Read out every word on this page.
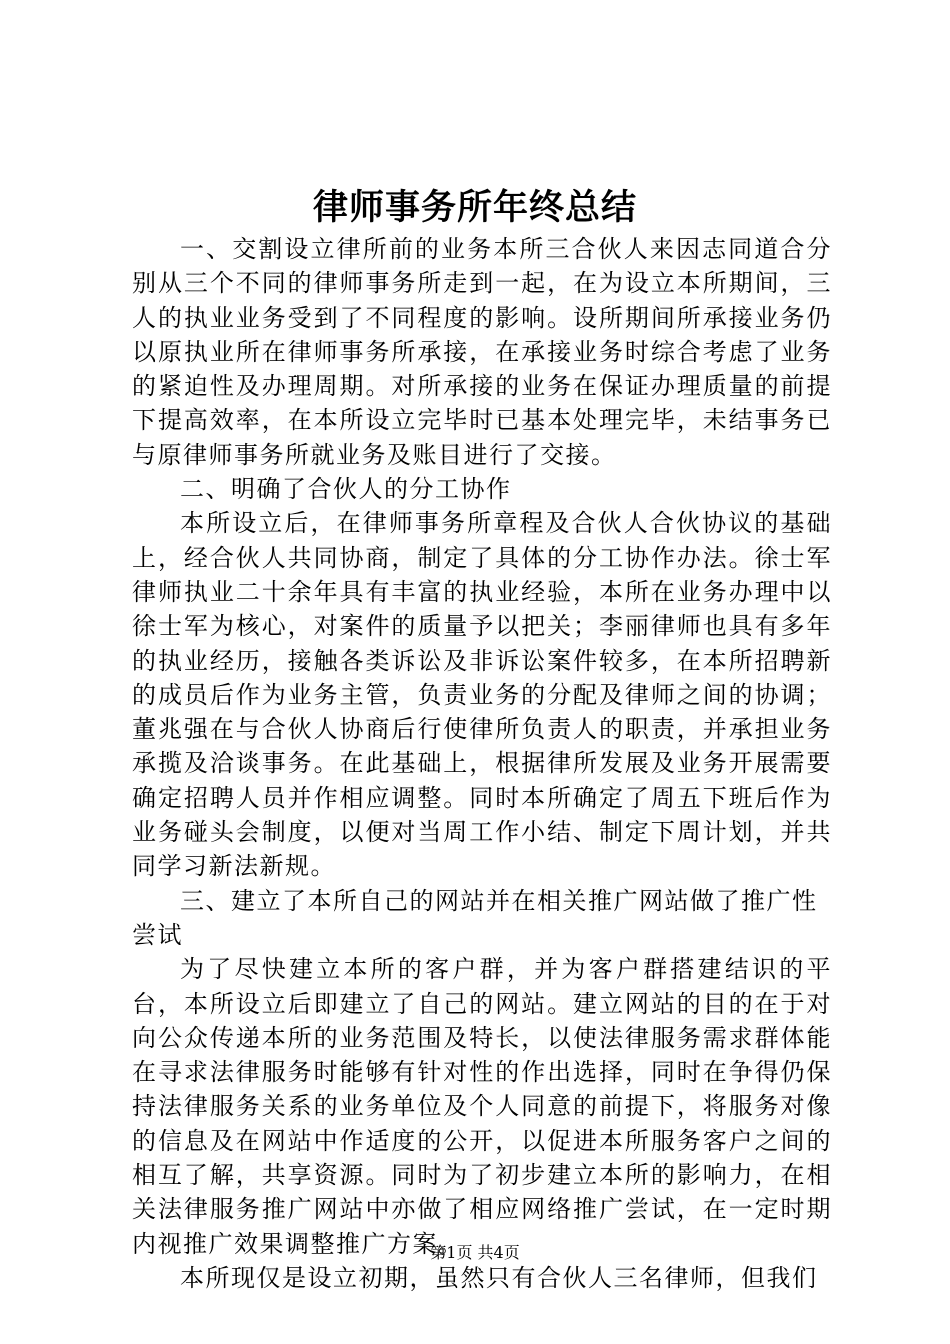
律师事务所年终总结

一、交割设立律所前的业务本所三合伙人来因志同道合分别从三个不同的律师事务所走到一起，在为设立本所期间，三人的执业业务受到了不同程度的影响。设所期间所承接业务仍以原执业所在律师事务所承接，在承接业务时综合考虑了业务的紧迫性及办理周期。对所承接的业务在保证办理质量的前提下提高效率，在本所设立完毕时已基本处理完毕，未结事务已与原律师事务所就业务及账目进行了交接。

二、明确了合伙人的分工协作

本所设立后，在律师事务所章程及合伙人合伙协议的基础上，经合伙人共同协商，制定了具体的分工协作办法。徐士军律师执业二十余年具有丰富的执业经验，本所在业务办理中以徐士军为核心，对案件的质量予以把关；李丽律师也具有多年的执业经历，接触各类诉讼及非诉讼案件较多，在本所招聘新的成员后作为业务主管，负责业务的分配及律师之间的协调；董兆强在与合伙人协商后行使律所负责人的职责，并承担业务承揽及洽谈事务。在此基础上，根据律所发展及业务开展需要确定招聘人员并作相应调整。同时本所确定了周五下班后作为业务碰头会制度，以便对当周工作小结、制定下周计划，并共同学习新法新规。

三、建立了本所自己的网站并在相关推广网站做了推广性尝试

为了尽快建立本所的客户群，并为客户群搭建结识的平台，本所设立后即建立了自己的网站。建立网站的目的在于对向公众传递本所的业务范围及特长，以使法律服务需求群体能在寻求法律服务时能够有针对性的作出选择，同时在争得仍保持法律服务关系的业务单位及个人同意的前提下，将服务对像的信息及在网站中作适度的公开，以促进本所服务客户之间的相互了解，共享资源。同时为了初步建立本所的影响力，在相关法律服务推广网站中亦做了相应网络推广尝试，在一定时期内视推广效果调整推广方案。

本所现仅是设立初期，虽然只有合伙人三名律师，但我们

第1页 共4页
